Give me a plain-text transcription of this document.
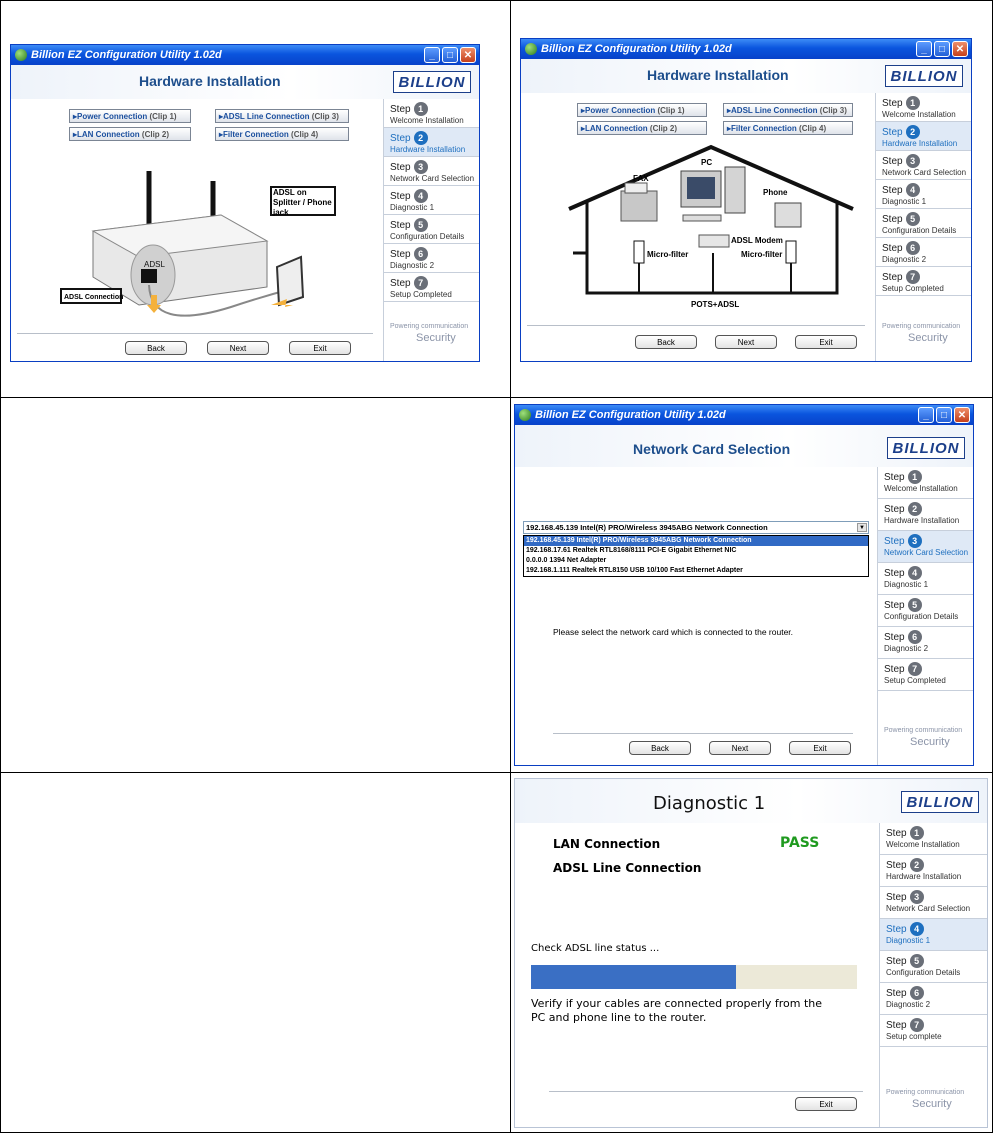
Billion EZ Configuration Utility 1.02d	_	□	✕
Hardware Installation	BILLION
▸ Power Connection
(Clip 1)	▸ ADSL Line Connection
(Clip 3)
▸ LAN Connection
(Clip 2)	▸ Filter Connection
(Clip 4)
ADSL
ADSL on Splitter / Phone jack
ADSL Connection
Back	Next	Exit
Step 1
Welcome Installation
Step 2
Hardware Installation
Step 3
Network Card Selection
Step 4
Diagnostic 1
Step 5
Configuration Details
Step 6
Diagnostic 2
Step 7
Setup Completed
Powering communication
Security
Billion EZ Configuration Utility 1.02d	_	□	✕
Hardware Installation	BILLION
▸ Power Connection
(Clip 1)	▸ ADSL Line Connection
(Clip 3)
▸ LAN Connection
(Clip 2)	▸ Filter Connection
(Clip 4)
PC
FAX
Phone
ADSL Modem
Micro-filter	Micro-filter
POTS+ADSL
Back	Next	Exit
Step 1
Welcome Installation
Step 2
Hardware Installation
Step 3
Network Card Selection
Step 4
Diagnostic 1
Step 5
Configuration Details
Step 6
Diagnostic 2
Step 7
Setup Completed
Powering communication
Security
Billion EZ Configuration Utility 1.02d	_	□	✕
Network Card Selection	BILLION
192.168.45.139 Intel(R) PRO/Wireless 3945ABG Network Connection	▼
192.168.45.139 Intel(R) PRO/Wireless 3945ABG Network Connection
192.168.17.61 Realtek RTL8168/8111 PCI-E Gigabit Ethernet NIC
0.0.0.0 1394 Net Adapter
192.168.1.111 Realtek RTL8150 USB 10/100 Fast Ethernet Adapter
Please select the network card which is connected to the router.
Back	Next	Exit
Step 1
Welcome Installation
Step 2
Hardware Installation
Step 3
Network Card Selection
Step 4
Diagnostic 1
Step 5
Configuration Details
Step 6
Diagnostic 2
Step 7
Setup Completed
Powering communication
Security
Diagnostic 1	BILLION
LAN Connection	PASS
ADSL Line Connection
Check ADSL line status ...
Verify if your cables are connected properly from the
PC and phone line to the router.
Exit
Step 1
Welcome Installation
Step 2
Hardware Installation
Step 3
Network Card Selection
Step 4
Diagnostic 1
Step 5
Configuration Details
Step 6
Diagnostic 2
Step 7
Setup complete
Powering communication
Security
